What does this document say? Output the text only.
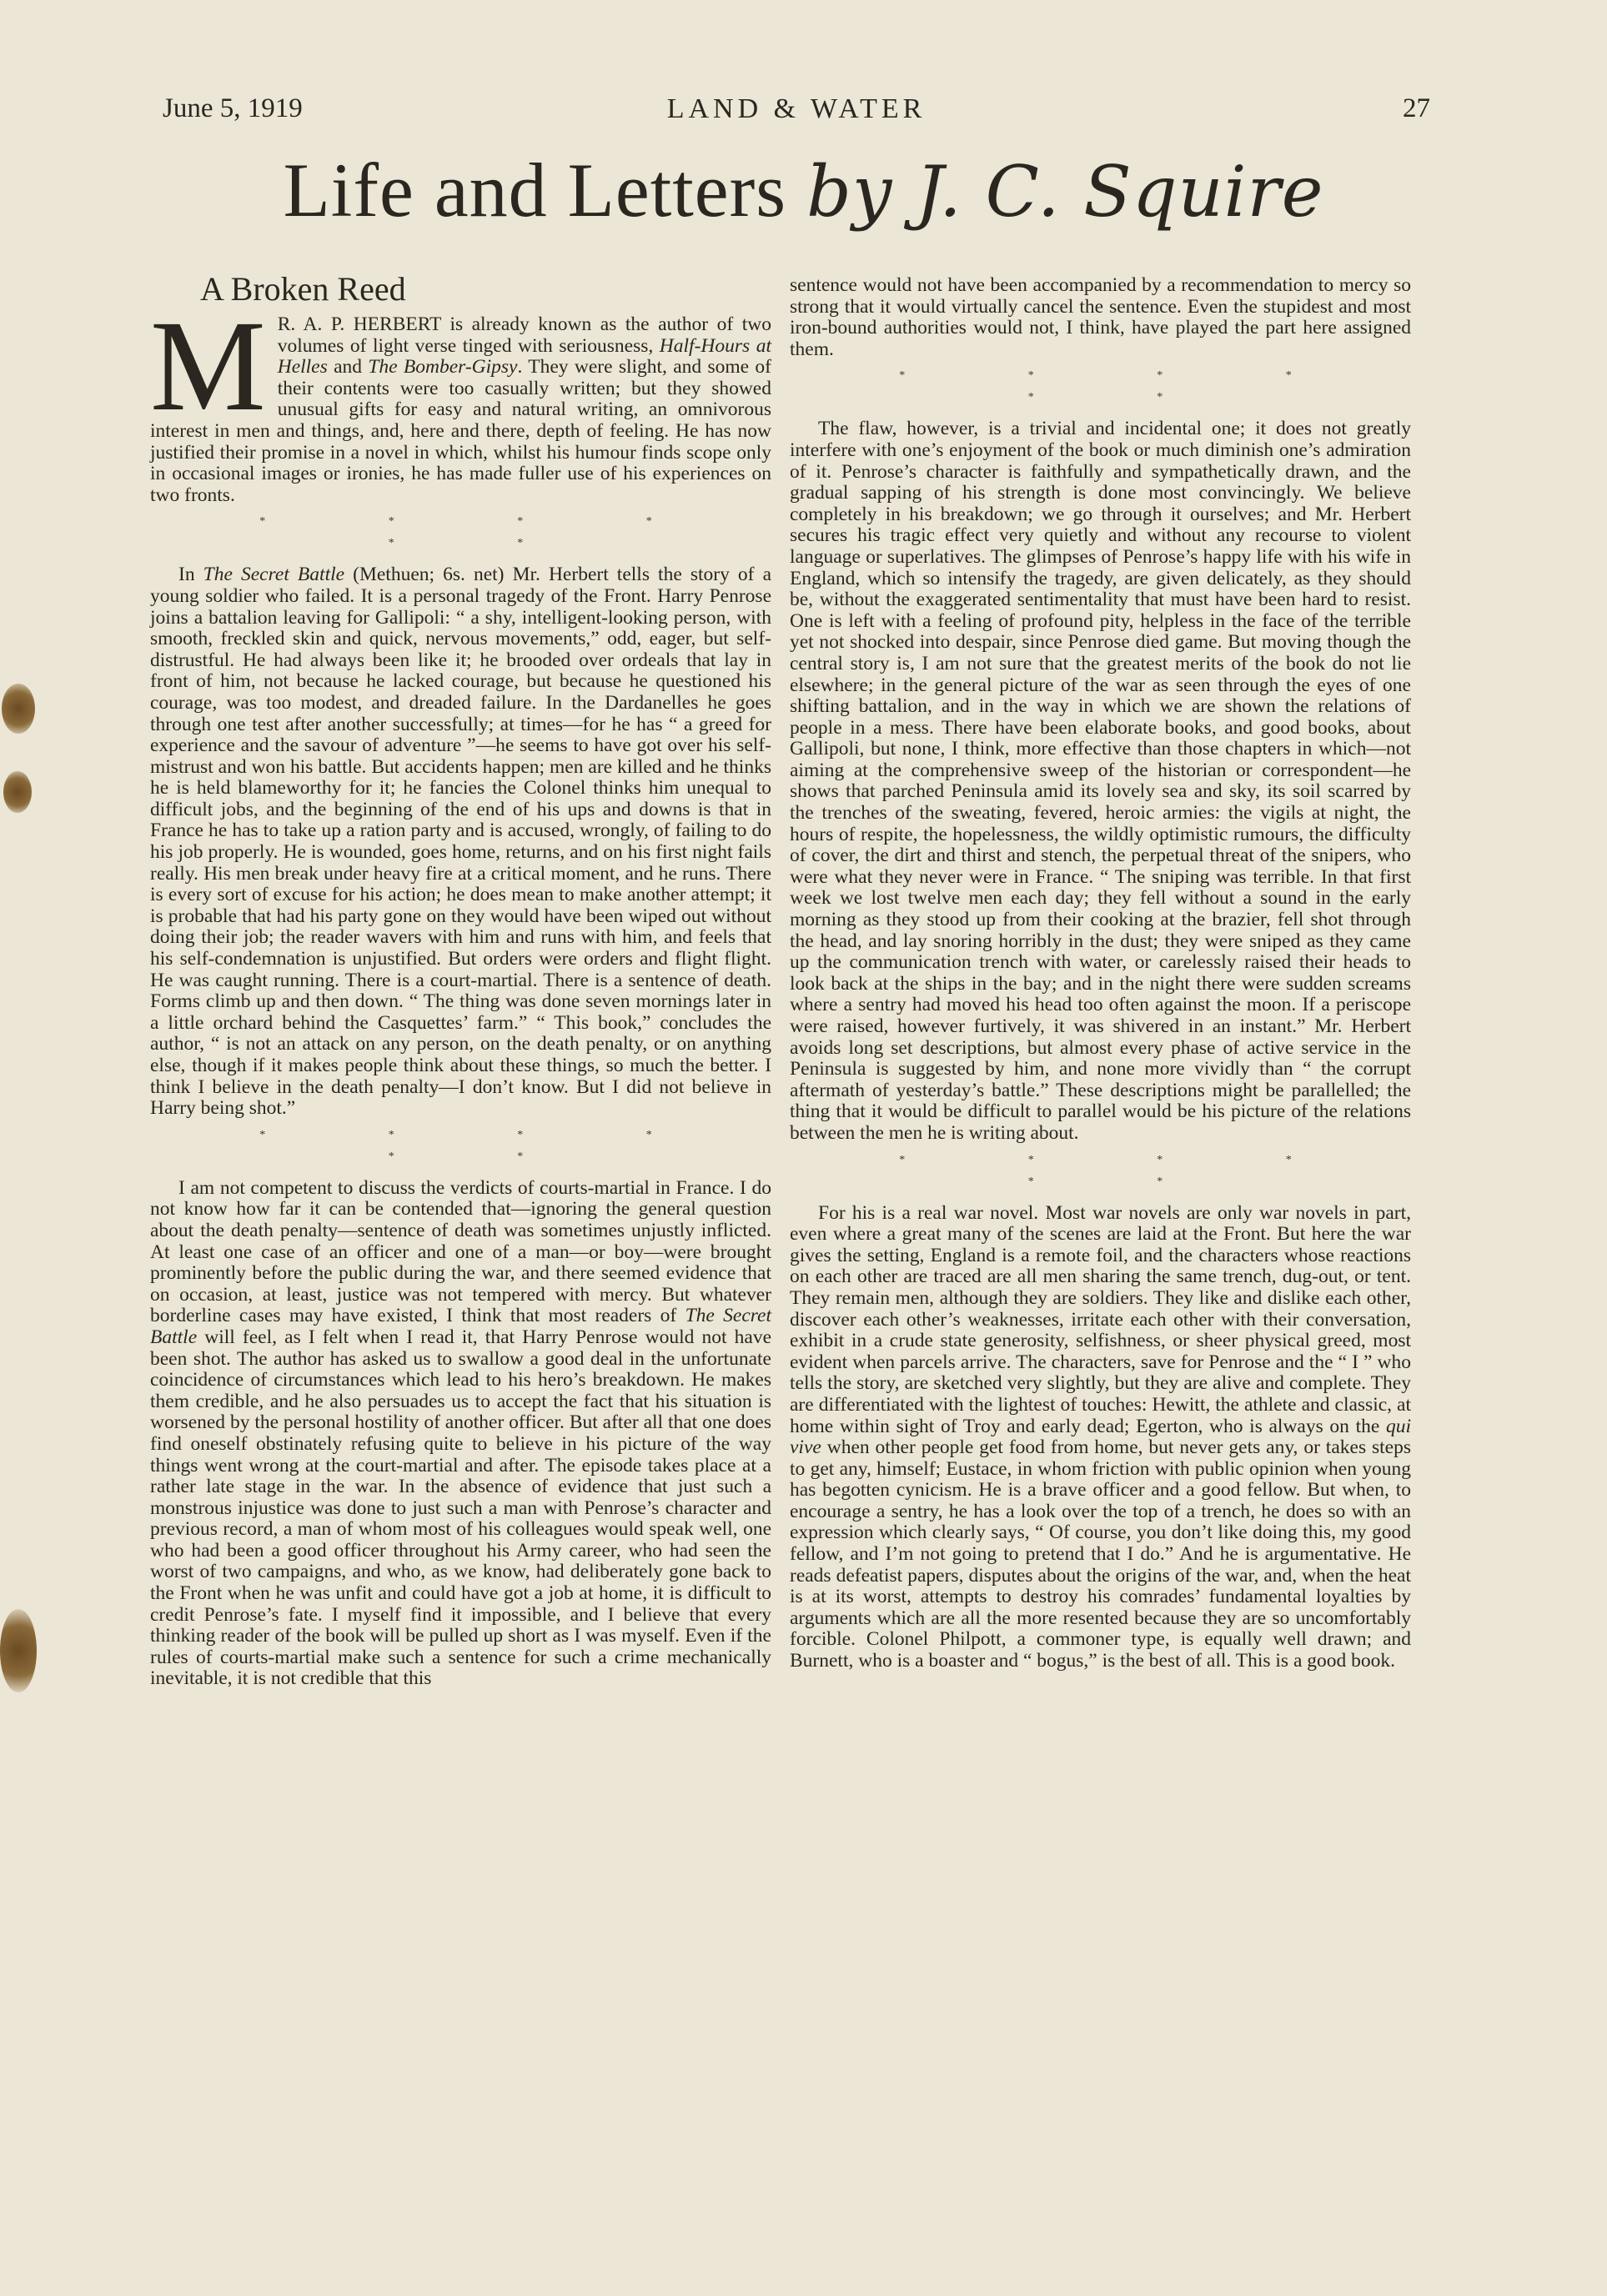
June 5, 1919	LAND & WATER	27
Life and Letters by J. C. Squire
A Broken Reed

M R. A. P. HERBERT is already known as the author of two volumes of light verse tinged with seriousness, Half-Hours at Helles and The Bomber-Gipsy. They were slight, and some of their contents were too casually written; but they showed unusual gifts for easy and natural writing, an omnivorous interest in men and things, and, here and there, depth of feeling. He has now justified their promise in a novel in which, whilst his humour finds scope only in occasional images or ironies, he has made fuller use of his experiences on two fronts.

* * * * * *

In The Secret Battle (Methuen; 6s. net) Mr. Herbert tells the story of a young soldier who failed. It is a personal tragedy of the Front. Harry Penrose joins a battalion leaving for Gallipoli: “ a shy, intelligent-looking person, with smooth, freckled skin and quick, nervous movements,” odd, eager, but self-distrustful. He had always been like it; he brooded over ordeals that lay in front of him, not because he lacked courage, but because he questioned his courage, was too modest, and dreaded failure. In the Dardanelles he goes through one test after another successfully; at times—for he has “ a greed for experience and the savour of adventure ”—he seems to have got over his self-mistrust and won his battle. But accidents happen; men are killed and he thinks he is held blameworthy for it; he fancies the Colonel thinks him unequal to difficult jobs, and the beginning of the end of his ups and downs is that in France he has to take up a ration party and is accused, wrongly, of failing to do his job properly. He is wounded, goes home, returns, and on his first night fails really. His men break under heavy fire at a critical moment, and he runs. There is every sort of excuse for his action; he does mean to make another attempt; it is probable that had his party gone on they would have been wiped out without doing their job; the reader wavers with him and runs with him, and feels that his self-condemnation is unjustified. But orders were orders and flight flight. He was caught running. There is a court-martial. There is a sentence of death. Forms climb up and then down. “ The thing was done seven mornings later in a little orchard behind the Casquettes’ farm.” “ This book,” concludes the author, “ is not an attack on any person, on the death penalty, or on anything else, though if it makes people think about these things, so much the better. I think I believe in the death penalty—I don’t know. But I did not believe in Harry being shot.”

* * * * * *

I am not competent to discuss the verdicts of courts-martial in France. I do not know how far it can be contended that—ignoring the general question about the death penalty—sentence of death was sometimes unjustly inflicted. At least one case of an officer and one of a man—or boy—were brought prominently before the public during the war, and there seemed evidence that on occasion, at least, justice was not tempered with mercy. But whatever borderline cases may have existed, I think that most readers of The Secret Battle will feel, as I felt when I read it, that Harry Penrose would not have been shot. The author has asked us to swallow a good deal in the unfortunate coincidence of circumstances which lead to his hero’s breakdown. He makes them credible, and he also persuades us to accept the fact that his situation is worsened by the personal hostility of another officer. But after all that one does find oneself obstinately refusing quite to believe in his picture of the way things went wrong at the court-martial and after. The episode takes place at a rather late stage in the war. In the absence of evidence that just such a monstrous injustice was done to just such a man with Penrose’s character and previous record, a man of whom most of his colleagues would speak well, one who had been a good officer throughout his Army career, who had seen the worst of two campaigns, and who, as we know, had deliberately gone back to the Front when he was unfit and could have got a job at home, it is difficult to credit Penrose’s fate. I myself find it impossible, and I believe that every thinking reader of the book will be pulled up short as I was myself. Even if the rules of courts-martial make such a sentence for such a crime mechanically inevitable, it is not credible that this

sentence would not have been accompanied by a recommendation to mercy so strong that it would virtually cancel the sentence. Even the stupidest and most iron-bound authorities would not, I think, have played the part here assigned them.

* * * * * *

The flaw, however, is a trivial and incidental one; it does not greatly interfere with one’s enjoyment of the book or much diminish one’s admiration of it. Penrose’s character is faithfully and sympathetically drawn, and the gradual sapping of his strength is done most convincingly. We believe completely in his breakdown; we go through it ourselves; and Mr. Herbert secures his tragic effect very quietly and without any recourse to violent language or superlatives. The glimpses of Penrose’s happy life with his wife in England, which so intensify the tragedy, are given delicately, as they should be, without the exaggerated sentimentality that must have been hard to resist. One is left with a feeling of profound pity, helpless in the face of the terrible yet not shocked into despair, since Penrose died game. But moving though the central story is, I am not sure that the greatest merits of the book do not lie elsewhere; in the general picture of the war as seen through the eyes of one shifting battalion, and in the way in which we are shown the relations of people in a mess. There have been elaborate books, and good books, about Gallipoli, but none, I think, more effective than those chapters in which—not aiming at the comprehensive sweep of the historian or correspondent—he shows that parched Peninsula amid its lovely sea and sky, its soil scarred by the trenches of the sweating, fevered, heroic armies: the vigils at night, the hours of respite, the hopelessness, the wildly optimistic rumours, the difficulty of cover, the dirt and thirst and stench, the perpetual threat of the snipers, who were what they never were in France. “ The sniping was terrible. In that first week we lost twelve men each day; they fell without a sound in the early morning as they stood up from their cooking at the brazier, fell shot through the head, and lay snoring horribly in the dust; they were sniped as they came up the communication trench with water, or carelessly raised their heads to look back at the ships in the bay; and in the night there were sudden screams where a sentry had moved his head too often against the moon. If a periscope were raised, however furtively, it was shivered in an instant.” Mr. Herbert avoids long set descriptions, but almost every phase of active service in the Peninsula is suggested by him, and none more vividly than “ the corrupt aftermath of yesterday’s battle.” These descriptions might be parallelled; the thing that it would be difficult to parallel would be his picture of the relations between the men he is writing about.

* * * * * *

For his is a real war novel. Most war novels are only war novels in part, even where a great many of the scenes are laid at the Front. But here the war gives the setting, England is a remote foil, and the characters whose reactions on each other are traced are all men sharing the same trench, dug-out, or tent. They remain men, although they are soldiers. They like and dislike each other, discover each other’s weaknesses, irritate each other with their conversation, exhibit in a crude state generosity, selfishness, or sheer physical greed, most evident when parcels arrive. The characters, save for Penrose and the “ I ” who tells the story, are sketched very slightly, but they are alive and complete. They are differentiated with the lightest of touches: Hewitt, the athlete and classic, at home within sight of Troy and early dead; Egerton, who is always on the qui vive when other people get food from home, but never gets any, or takes steps to get any, himself; Eustace, in whom friction with public opinion when young has begotten cynicism. He is a brave officer and a good fellow. But when, to encourage a sentry, he has a look over the top of a trench, he does so with an expression which clearly says, “ Of course, you don’t like doing this, my good fellow, and I’m not going to pretend that I do.” And he is argumentative. He reads defeatist papers, disputes about the origins of the war, and, when the heat is at its worst, attempts to destroy his comrades’ fundamental loyalties by arguments which are all the more resented because they are so uncomfortably forcible. Colonel Philpott, a commoner type, is equally well drawn; and Burnett, who is a boaster and “ bogus,” is the best of all. This is a good book.
